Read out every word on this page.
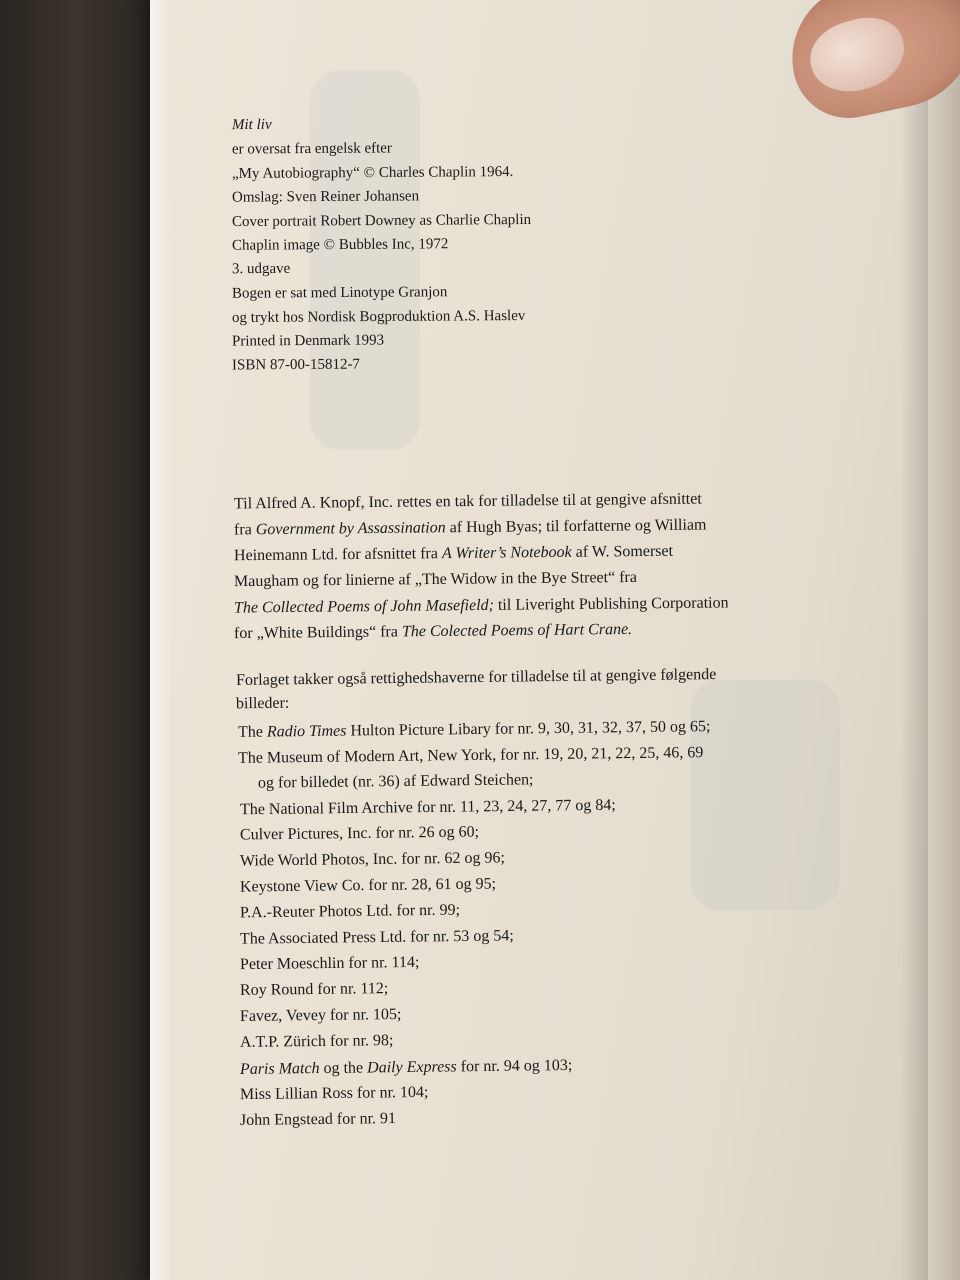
Mit liv
er oversat fra engelsk efter
„My Autobiography“ © Charles Chaplin 1964.
Omslag: Sven Reiner Johansen
Cover portrait Robert Downey as Charlie Chaplin
Chaplin image © Bubbles Inc, 1972
3. udgave
Bogen er sat med Linotype Granjon
og trykt hos Nordisk Bogproduktion A.S. Haslev
Printed in Denmark 1993
ISBN 87-00-15812-7
Til Alfred A. Knopf, Inc. rettes en tak for tilladelse til at gengive afsnittet
fra Government by Assassination af Hugh Byas; til forfatterne og William
Heinemann Ltd. for afsnittet fra A Writer’s Notebook af W. Somerset
Maugham og for linierne af „The Widow in the Bye Street“ fra
The Collected Poems of John Masefield; til Liveright Publishing Corporation
for „White Buildings“ fra The Colected Poems of Hart Crane.
Forlaget takker også rettighedshaverne for tilladelse til at gengive følgende
billeder:
The Radio Times Hulton Picture Libary for nr. 9, 30, 31, 32, 37, 50 og 65;
The Museum of Modern Art, New York, for nr. 19, 20, 21, 22, 25, 46, 69
og for billedet (nr. 36) af Edward Steichen;
The National Film Archive for nr. 11, 23, 24, 27, 77 og 84;
Culver Pictures, Inc. for nr. 26 og 60;
Wide World Photos, Inc. for nr. 62 og 96;
Keystone View Co. for nr. 28, 61 og 95;
P.A.-Reuter Photos Ltd. for nr. 99;
The Associated Press Ltd. for nr. 53 og 54;
Peter Moeschlin for nr. 114;
Roy Round for nr. 112;
Favez, Vevey for nr. 105;
A.T.P. Zürich for nr. 98;
Paris Match og the Daily Express for nr. 94 og 103;
Miss Lillian Ross for nr. 104;
John Engstead for nr. 91
